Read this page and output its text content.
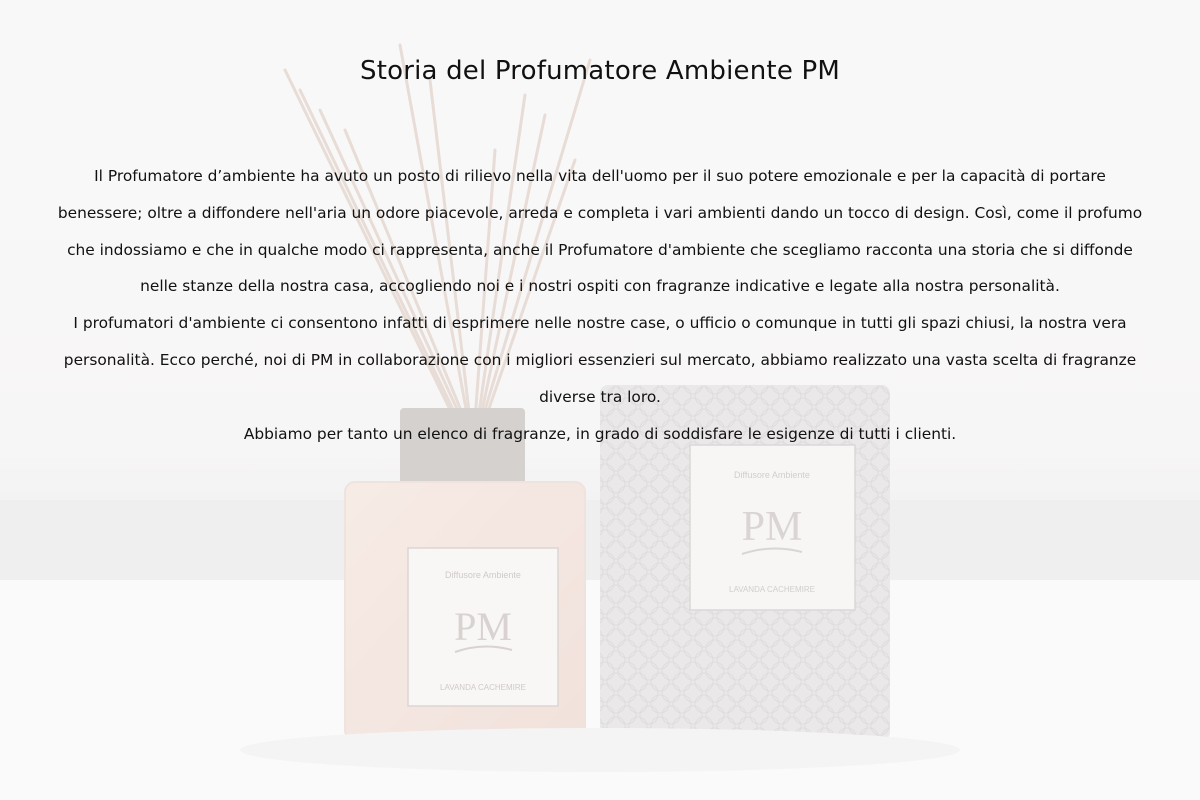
Diffusore Ambiente
PM
LAVANDA CACHEMIRE
Diffusore Ambiente
PM
LAVANDA CACHEMIRE
Storia del Profumatore Ambiente PM

Il Profumatore d’ambiente ha avuto un posto di rilievo nella vita dell'uomo per il suo potere emozionale e per la capacità di portare benessere; oltre a diffondere nell'aria un odore piacevole, arreda e completa i vari ambienti dando un tocco di design. Così, come il profumo che indossiamo e che in qualche modo ci rappresenta, anche il Profumatore d'ambiente che scegliamo racconta una storia che si diffonde nelle stanze della nostra casa, accogliendo noi e i nostri ospiti con fragranze indicative e legate alla nostra personalità.

I profumatori d'ambiente ci consentono infatti di esprimere nelle nostre case, o ufficio o comunque in tutti gli spazi chiusi, la nostra vera personalità. Ecco perché, noi di PM in collaborazione con i migliori essenzieri sul mercato, abbiamo realizzato una vasta scelta di fragranze diverse tra loro.

Abbiamo per tanto un elenco di fragranze, in grado di soddisfare le esigenze di tutti i clienti.
